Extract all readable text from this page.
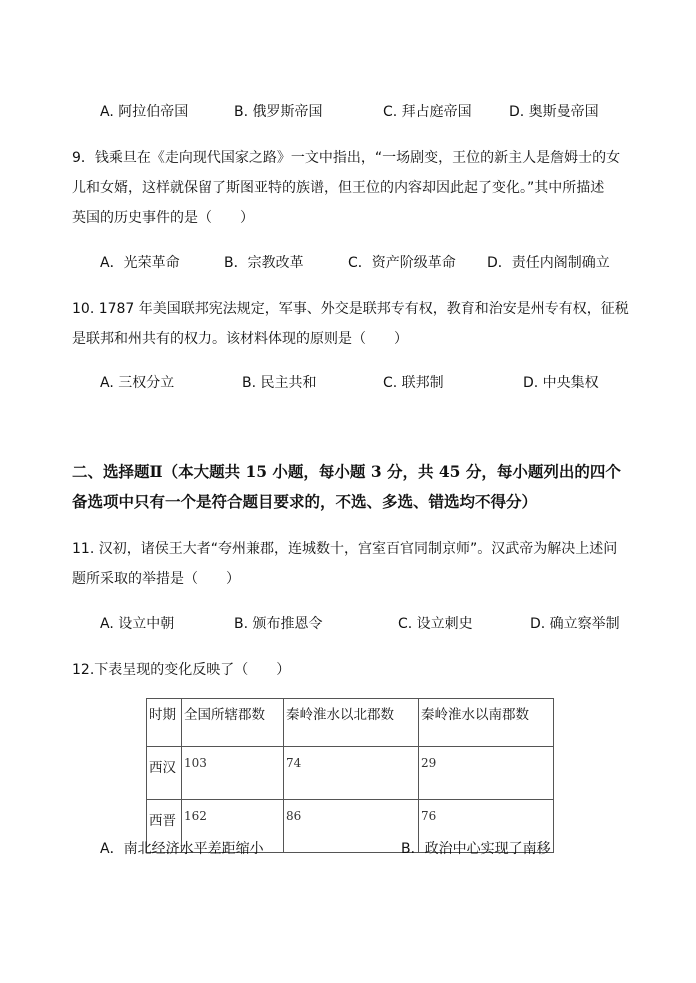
A. 阿拉伯帝国	B. 俄罗斯帝国	C. 拜占庭帝国	D. 奥斯曼帝国
9．钱乘旦在《走向现代国家之路》一文中指出，“一场剧变，王位的新主人是詹姆士的女
儿和女婿，这样就保留了斯图亚特的族谱，但王位的内容却因此起了变化。”其中所描述
英国的历史事件的是（　　）
A．光荣革命	B．宗教改革	C．资产阶级革命 D．责任内阁制确立
10. 1787 年美国联邦宪法规定，军事、外交是联邦专有权，教育和治安是州专有权，征税
是联邦和州共有的权力。该材料体现的原则是（　　）
A. 三权分立	B. 民主共和	C. 联邦制	D. 中央集权
二、选择题Ⅱ（本大题共 15 小题，每小题 3 分，共 45 分，每小题列出的四个
备选项中只有一个是符合题目要求的，不选、多选、错选均不得分）
11. 汉初，诸侯王大者“夸州兼郡，连城数十，宫室百官同制京师”。汉武帝为解决上述问
题所采取的举措是（　　）
A. 设立中朝	B. 颁布推恩令	C. 设立刺史	D. 确立察举制
12.下表呈现的变化反映了（　　）
时期	全国所辖郡数	秦岭淮水以北郡数	秦岭淮水以南郡数
西汉	103	74	29
西晋	162	86	76
A．南北经济水平差距缩小	B．政治中心实现了南移
